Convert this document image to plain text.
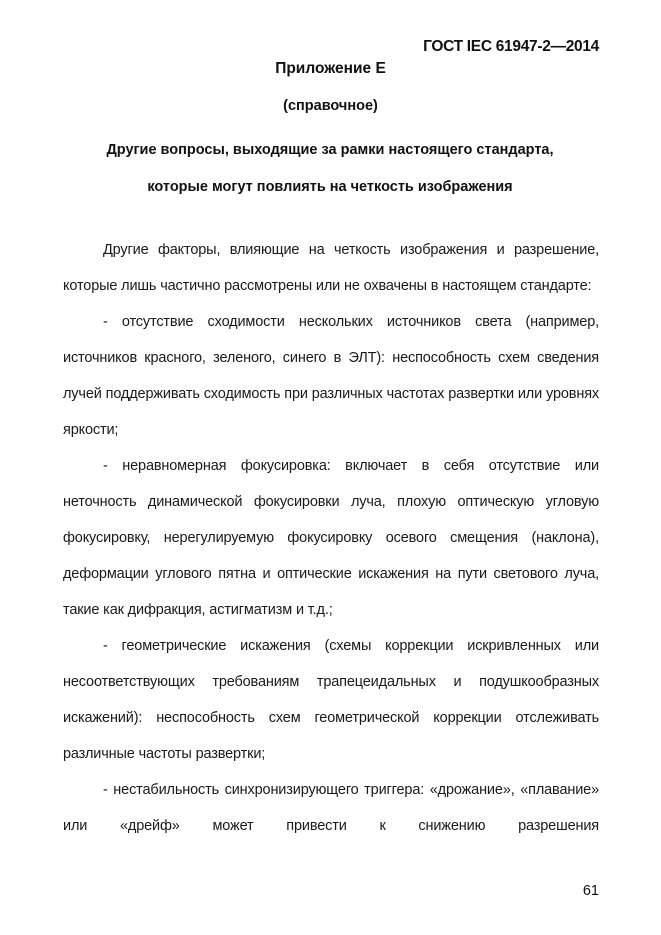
ГОСТ IEC 61947-2—2014
Приложение Е
(справочное)
Другие вопросы, выходящие за рамки настоящего стандарта,
которые могут повлиять на четкость изображения

Другие факторы, влияющие на четкость изображения и разрешение, которые лишь частично рассмотрены или не охвачены в настоящем стандарте:

- отсутствие сходимости нескольких источников света (например, источников красного, зеленого, синего в ЭЛТ): неспособность схем сведения лучей поддерживать сходимость при различных частотах развертки или уровнях яркости;

- неравномерная фокусировка: включает в себя отсутствие или неточность динамической фокусировки луча, плохую оптическую угловую фокусировку, нерегулируемую фокусировку осевого смещения (наклона), деформации углового пятна и оптические искажения на пути светового луча, такие как дифракция, астигматизм и т.д.;

- геометрические искажения (схемы коррекции искривленных или несоответствующих требованиям трапецеидальных и подушкообразных искажений): неспособность схем геометрической коррекции отслеживать различные частоты развертки;

- нестабильность синхронизирующего триггера: «дрожание», «плавание» или «дрейф» может привести к снижению разрешения

61
